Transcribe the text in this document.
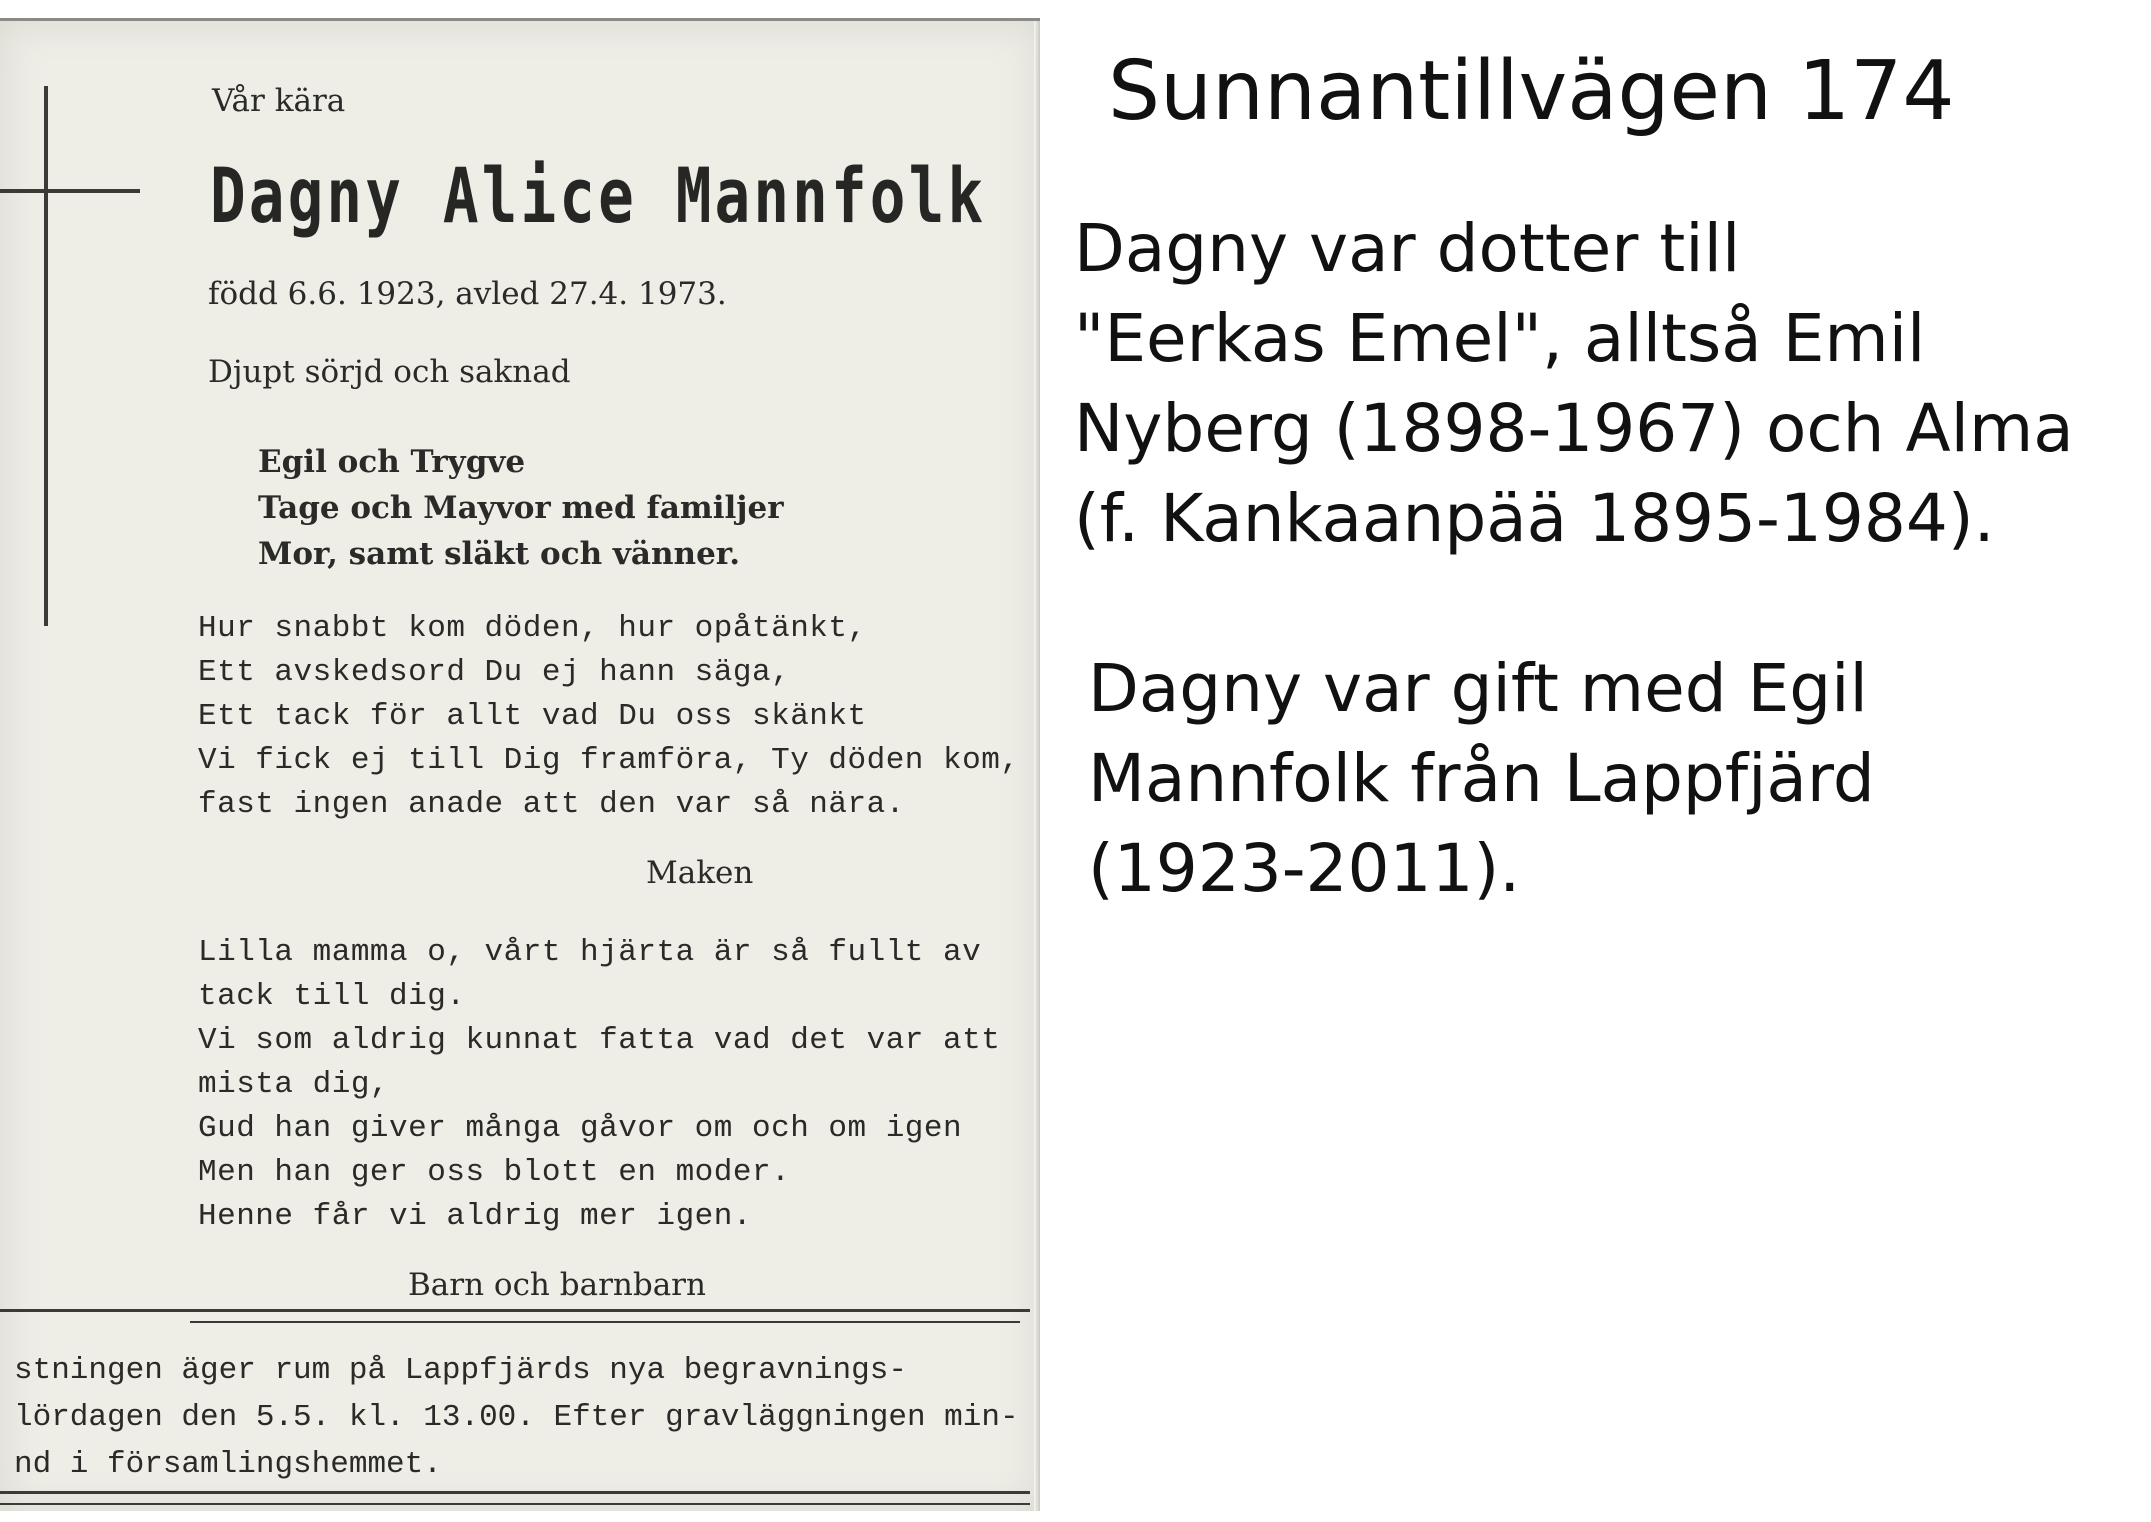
Vår kära
Dagny Alice Mannfolk
född 6.6. 1923, avled 27.4. 1973.
Djupt sörjd och saknad
Egil och Trygve
Tage och Mayvor med familjer
Mor, samt släkt och vänner.
Hur snabbt kom döden, hur opåtänkt,
Ett avskedsord Du ej hann säga,
Ett tack för allt vad Du oss skänkt
Vi fick ej till Dig framföra, Ty döden kom,
fast ingen anade att den var så nära.
Maken
Lilla mamma o, vårt hjärta är så fullt av
tack till dig.
Vi som aldrig kunnat fatta vad det var att
mista dig,
Gud han giver många gåvor om och om igen
Men han ger oss blott en moder.
Henne får vi aldrig mer igen.
Barn och barnbarn
stningen äger rum på Lappfjärds nya begravnings-
lördagen den 5.5. kl. 13.00. Efter gravläggningen min-
nd i församlingshemmet.
Sunnantillvägen 174
Dagny var dotter till
"Eerkas Emel", alltså Emil
Nyberg (1898-1967) och Alma
(f. Kankaanpää 1895-1984).
Dagny var gift med Egil
Mannfolk från Lappfjärd
(1923-2011).
